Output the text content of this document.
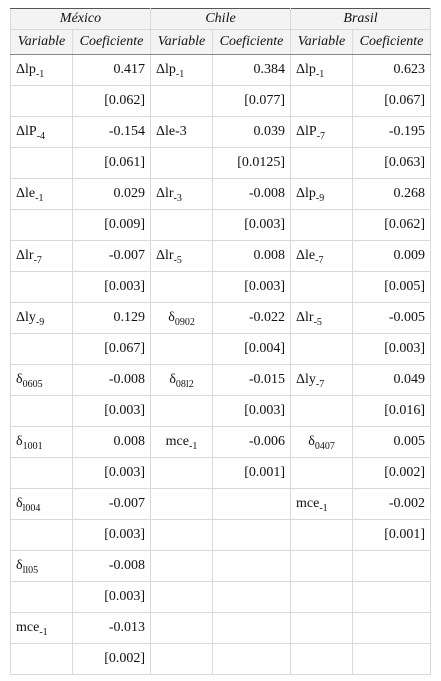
México		Chile		Brasil	
Variable	Coeficiente	Variable	Coeficiente	Variable	Coeficiente
Δlp$_{-1}$	0.417	Δlp$_{-1}$	0.384	Δlp$_{-1}$	0.623
	[0.062]		[0.077]		[0.067]
ΔlP$_{-4}$	-0.154	Δle-3	0.039	ΔlP$_{-7}$	-0.195
	[0.061]		[0.0125]		[0.063]
Δle$_{-1}$	0.029	Δlr$_{-3}$	-0.008	Δlp$_{-9}$	0.268
	[0.009]		[0.003]		[0.062]
Δlr$_{-7}$	-0.007	Δlr$_{-5}$	0.008	Δle$_{-7}$	0.009
	[0.003]		[0.003]		[0.005]
Δly$_{-9}$	0.129	$\delta_{0902}$	-0.022	Δlr$_{-5}$	-0.005
	[0.067]		[0.004]		[0.003]
$\delta_{0605}$	-0.008	$\delta_{08l2}$	-0.015	Δly$_{-7}$	0.049
	[0.003]		[0.003]		[0.016]
$\delta_{1001}$	0.008	mce$_{-1}$	-0.006	$\delta_{0407}$	0.005
	[0.003]		[0.001]		[0.002]
$\delta_{l004}$	-0.007			mce$_{-1}$	-0.002
	[0.003]				[0.001]
$\delta_{ll05}$	-0.008				
	[0.003]				
mce$_{-1}$	-0.013				
	[0.002]				
